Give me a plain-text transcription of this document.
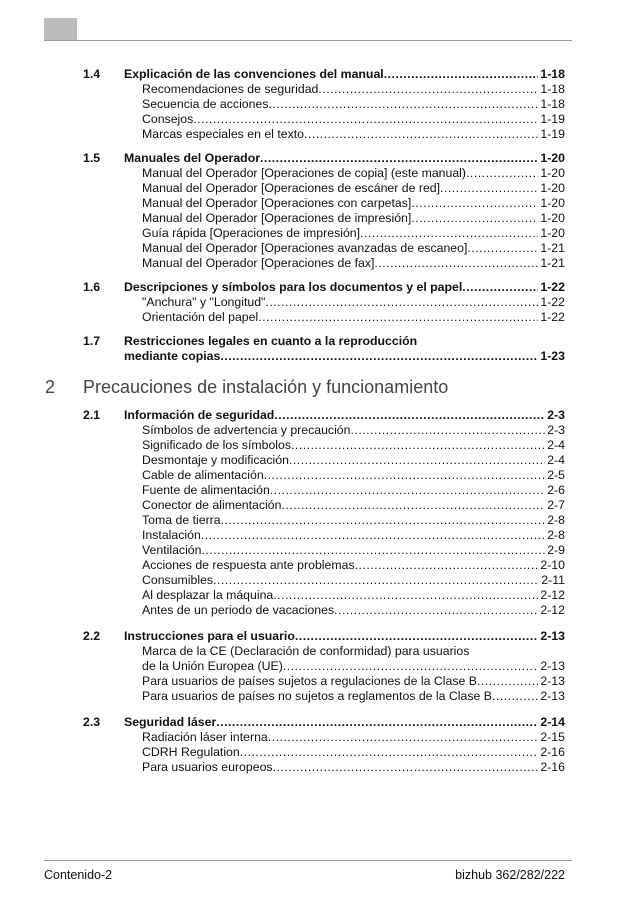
1.4 Explicación de las convenciones del manual .....	1-18
Recomendaciones de seguridad .....	1-18
Secuencia de acciones .....	1-18
Consejos .....	1-19
Marcas especiales en el texto .....	1-19
1.5 Manuales del Operador .....	1-20
Manual del Operador [Operaciones de copia] (este manual) .....	1-20
Manual del Operador [Operaciones de escáner de red] .....	1-20
Manual del Operador [Operaciones con carpetas] .....	1-20
Manual del Operador [Operaciones de impresión] .....	1-20
Guía rápida [Operaciones de impresión] .....	1-20
Manual del Operador [Operaciones avanzadas de escaneo] .....	1-21
Manual del Operador [Operaciones de fax] .....	1-21
1.6 Descripciones y símbolos para los documentos y el papel .....	1-22
"Anchura" y "Longitud" .....	1-22
Orientación del papel .....	1-22
1.7 Restricciones legales en cuanto a la reproducción
mediante copias .....	1-23
2 Precauciones de instalación y funcionamiento
2.1 Información de seguridad .....	2-3
Símbolos de advertencia y precaución .....	2-3
Significado de los símbolos .....	2-4
Desmontaje y modificación .....	2-4
Cable de alimentación .....	2-5
Fuente de alimentación .....	2-6
Conector de alimentación .....	2-7
Toma de tierra .....	2-8
Instalación .....	2-8
Ventilación .....	2-9
Acciones de respuesta ante problemas .....	2-10
Consumibles .....	2-11
Al desplazar la máquina .....	2-12
Antes de un periodo de vacaciones .....	2-12
2.2 Instrucciones para el usuario .....	2-13
Marca de la CE (Declaración de conformidad) para usuarios
de la Unión Europea (UE) .....	2-13
Para usuarios de países sujetos a regulaciones de la Clase B .....	2-13
Para usuarios de países no sujetos a reglamentos de la Clase B .....	2-13
2.3 Seguridad láser .....	2-14
Radiación láser interna .....	2-15
CDRH Regulation .....	2-16
Para usuarios europeos .....	2-16
Contenido-2	bizhub 362/282/222
